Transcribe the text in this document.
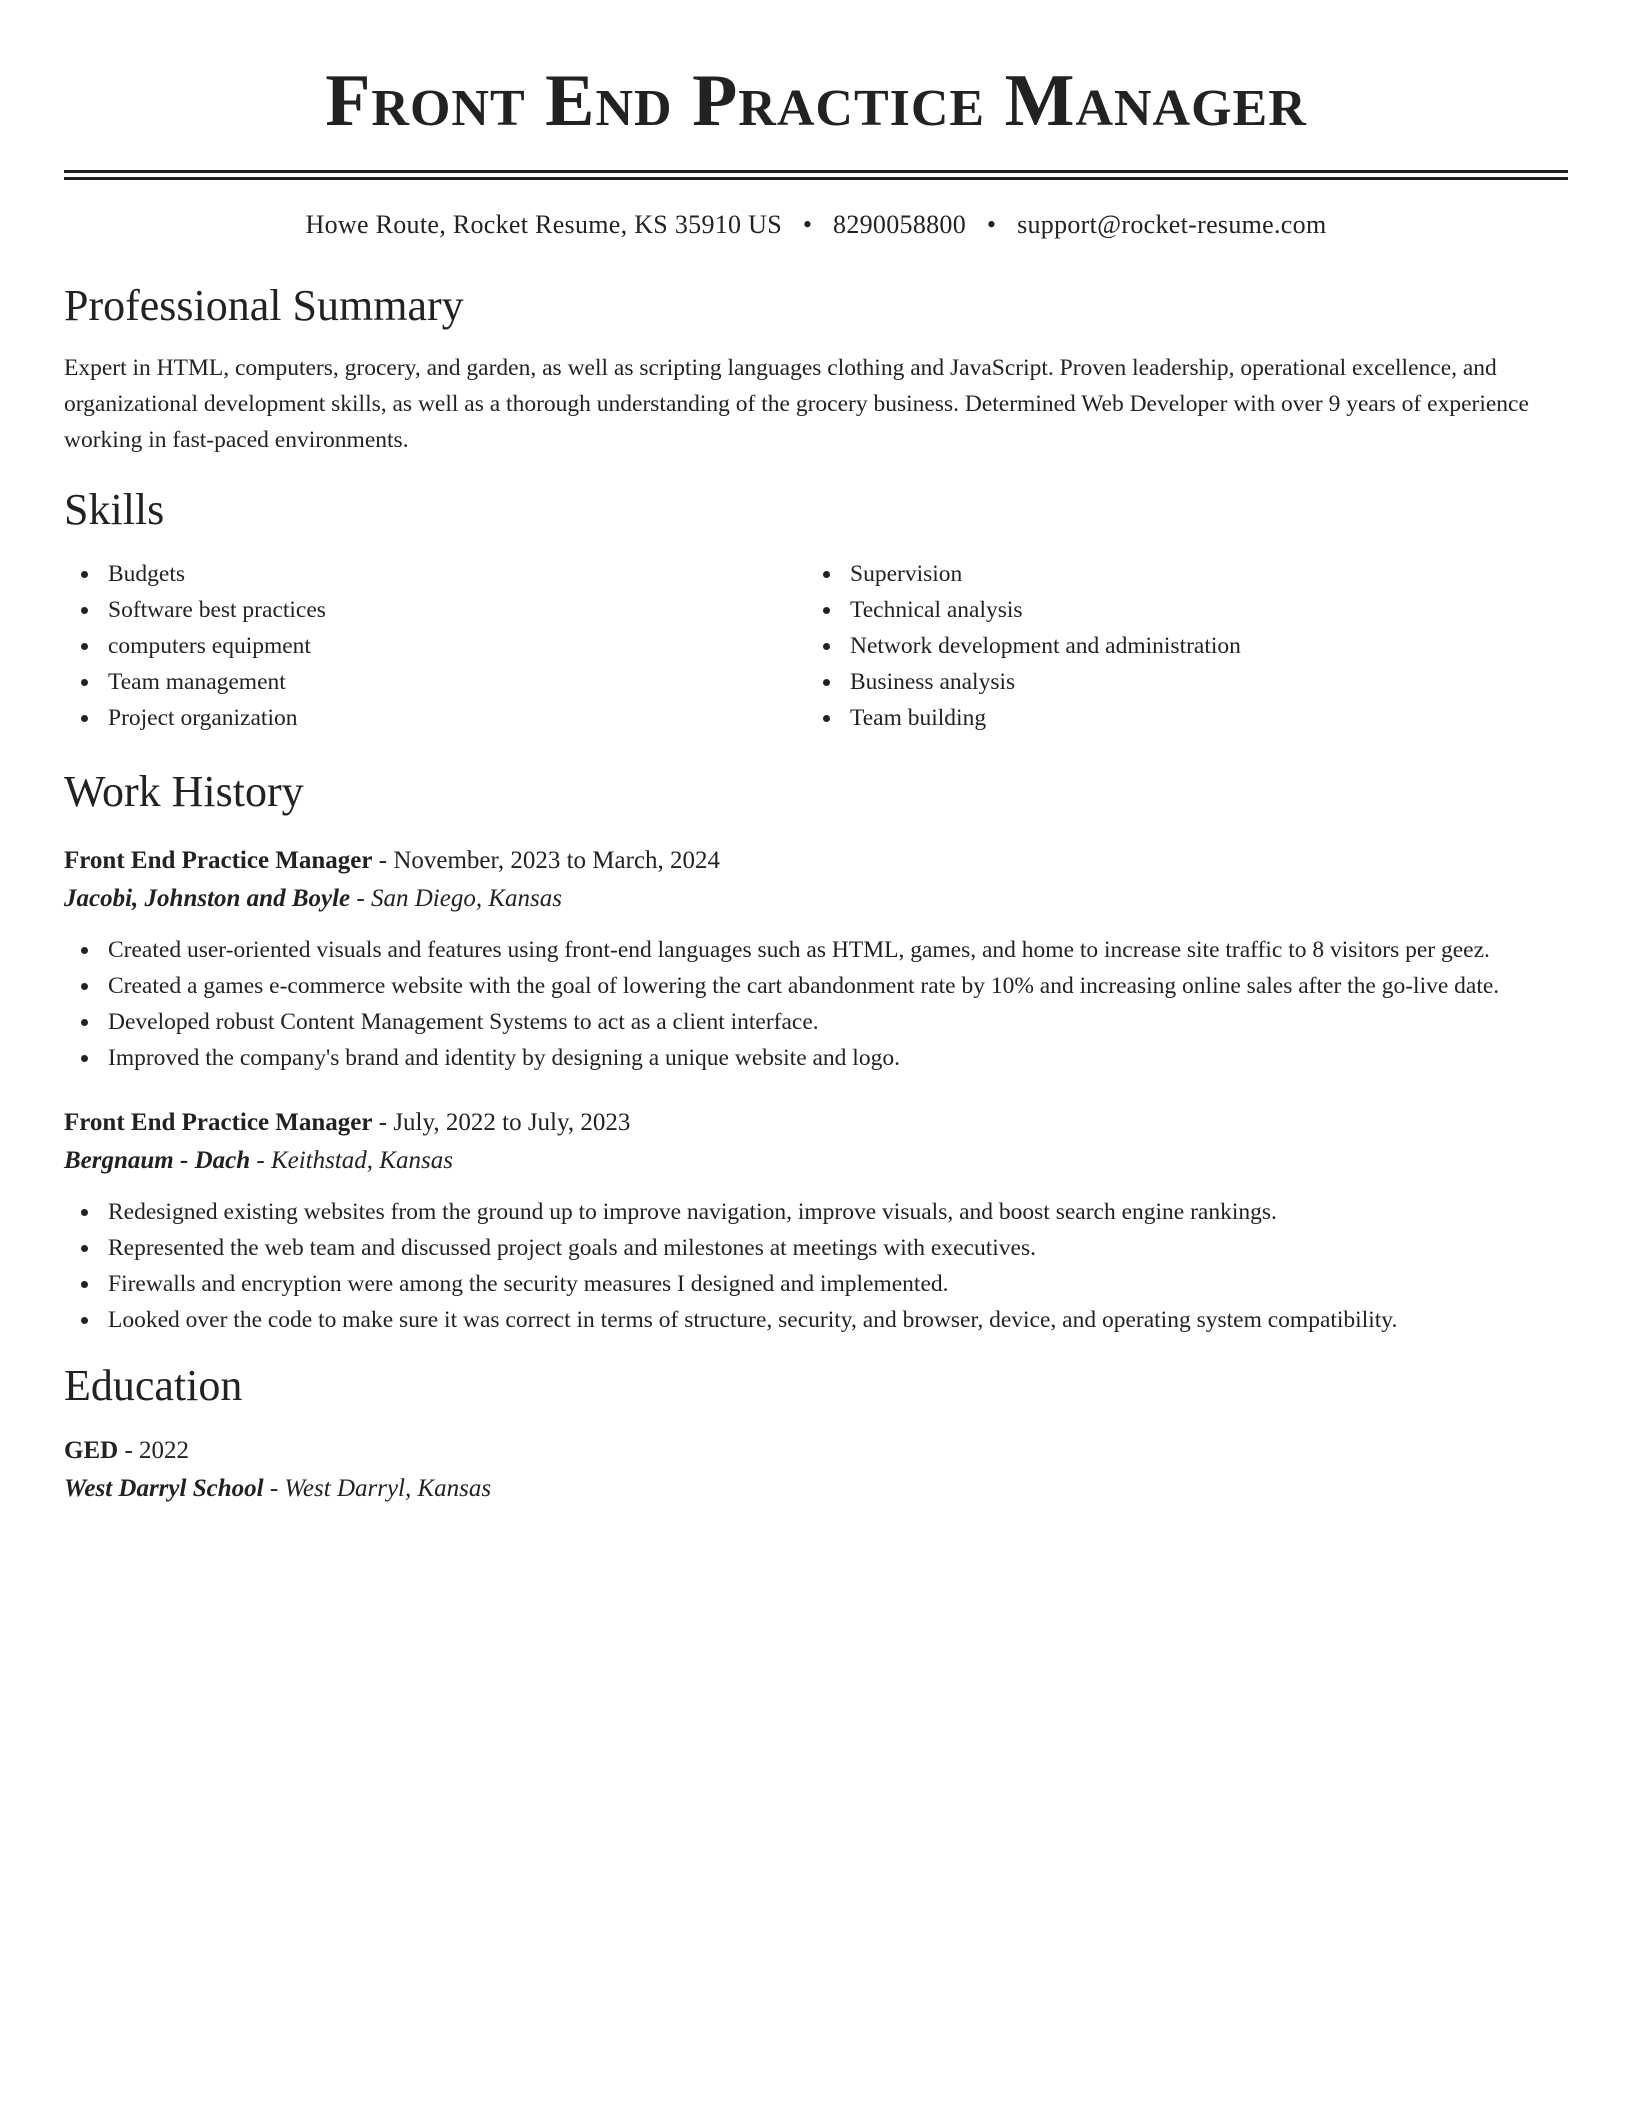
Front End Practice Manager
Howe Route, Rocket Resume, KS 35910 US • 8290058800 • support@rocket-resume.com
Professional Summary

Expert in HTML, computers, grocery, and garden, as well as scripting languages clothing and JavaScript. Proven leadership, operational excellence, and organizational development skills, as well as a thorough understanding of the grocery business. Determined Web Developer with over 9 years of experience working in fast-paced environments.

Skills
Budgets
Software best practices
computers equipment
Team management
Project organization
Supervision
Technical analysis
Network development and administration
Business analysis
Team building
Work History
Front End Practice Manager - November, 2023 to March, 2024
Jacobi, Johnston and Boyle - San Diego, Kansas
Created user-oriented visuals and features using front-end languages such as HTML, games, and home to increase site traffic to 8 visitors per geez.
Created a games e-commerce website with the goal of lowering the cart abandonment rate by 10% and increasing online sales after the go-live date.
Developed robust Content Management Systems to act as a client interface.
Improved the company's brand and identity by designing a unique website and logo.
Front End Practice Manager - July, 2022 to July, 2023
Bergnaum - Dach - Keithstad, Kansas
Redesigned existing websites from the ground up to improve navigation, improve visuals, and boost search engine rankings.
Represented the web team and discussed project goals and milestones at meetings with executives.
Firewalls and encryption were among the security measures I designed and implemented.
Looked over the code to make sure it was correct in terms of structure, security, and browser, device, and operating system compatibility.
Education
GED - 2022
West Darryl School - West Darryl, Kansas
